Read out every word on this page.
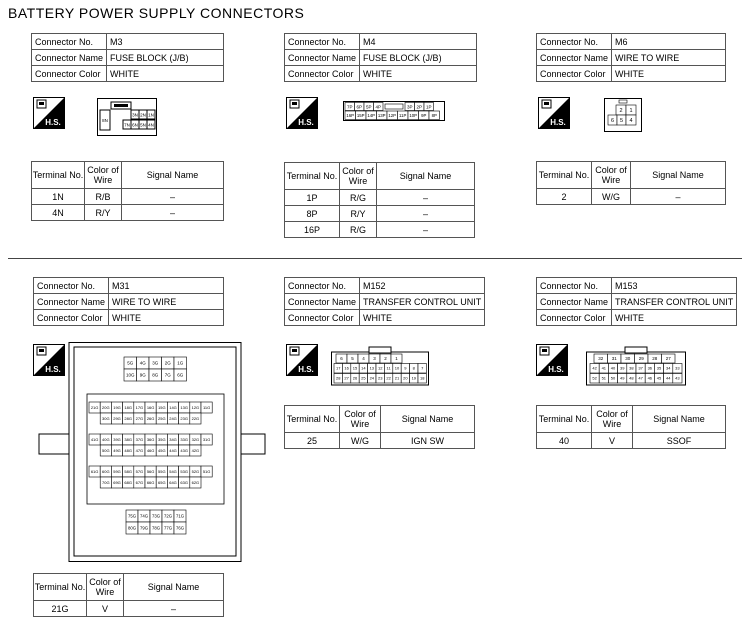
BATTERY POWER SUPPLY CONNECTORS
Connector No.	M3
Connector Name	FUSE BLOCK (J/B)
Connector Color	WHITE
Connector No.	M4
Connector Name	FUSE BLOCK (J/B)
Connector Color	WHITE
Connector No.	M6
Connector Name	WIRE TO WIRE
Connector Color	WHITE
H.S.	H.S.	H.S.
8N
3N 2N 1N
7N 6N 5N 4N
7P 6P 5P 4P	3P 2P 1P
16P 15P 14P 13P 12P 11P 10P 9P 8P
2 1
6 5 4
Terminal No.	Color of Wire	Signal Name
1N	R/B	–
4N	R/Y	–
Terminal No.	Color of Wire	Signal Name
1P	R/G	–
8P	R/Y	–
16P	R/G	–
Terminal No.	Color of Wire	Signal Name
2	W/G	–
Connector No.	M31
Connector Name	WIRE TO WIRE
Connector Color	WHITE
Connector No.	M152
Connector Name	TRANSFER CONTROL UNIT
Connector Color	WHITE
Connector No.	M153
Connector Name	TRANSFER CONTROL UNIT
Connector Color	WHITE
H.S.	H.S.	H.S.
5G 4G 3G 2G 1G
10G 9G 8G 7G 6G
21G 20G 19G 18G 17G 16G 15G 14G 13G 12G 11G
30G 29G 28G 27G 26G 25G 24G 23G 22G
41G 40G 39G 38G 37G 36G 35G 34G 33G 32G 31G
50G 49G 48G 47G 46G 45G 44G 43G 42G
61G 60G 59G 58G 57G 56G 55G 54G 53G 52G 51G
70G 69G 68G 67G 66G 65G 64G 63G 62G
75G 74G 73G 72G 71G
80G 79G 78G 77G 76G
6 5 4 3 2 1
17 16 15 14 13 12 11 10 9 8 7
28 27 26 25 24 23 22 21 20 19 18
32 31 30 29 28 27
42 41 40 39 38 37 36 35 34 33
52 51 50 49 48 47 46 45 44 43
Terminal No.	Color of Wire	Signal Name
25	W/G	IGN SW
Terminal No.	Color of Wire	Signal Name
40	V	SSOF
Terminal No.	Color of Wire	Signal Name
21G	V	–
